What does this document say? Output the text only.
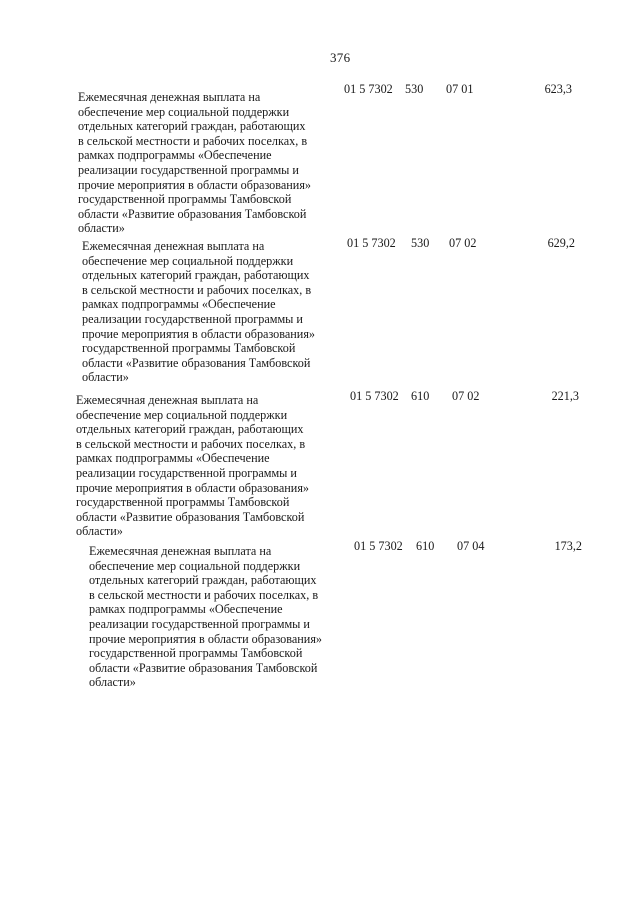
376
Ежемесячная денежная выплата на
обеспечение мер социальной поддержки
отдельных категорий граждан, работающих
в сельской местности и рабочих поселках, в
рамках подпрограммы «Обеспечение
реализации государственной программы и
прочие мероприятия в области образования»
государственной программы Тамбовской
области «Развитие образования Тамбовской
области»
01 5 7302 530 07 01	623,3
Ежемесячная денежная выплата на
обеспечение мер социальной поддержки
отдельных категорий граждан, работающих
в сельской местности и рабочих поселках, в
рамках подпрограммы «Обеспечение
реализации государственной программы и
прочие мероприятия в области образования»
государственной программы Тамбовской
области «Развитие образования Тамбовской
области»
01 5 7302 530 07 02	629,2
Ежемесячная денежная выплата на
обеспечение мер социальной поддержки
отдельных категорий граждан, работающих
в сельской местности и рабочих поселках, в
рамках подпрограммы «Обеспечение
реализации государственной программы и
прочие мероприятия в области образования»
государственной программы Тамбовской
области «Развитие образования Тамбовской
области»
01 5 7302 610 07 02	221,3
Ежемесячная денежная выплата на
обеспечение мер социальной поддержки
отдельных категорий граждан, работающих
в сельской местности и рабочих поселках, в
рамках подпрограммы «Обеспечение
реализации государственной программы и
прочие мероприятия в области образования»
государственной программы Тамбовской
области «Развитие образования Тамбовской
области»
01 5 7302 610 07 04	173,2
